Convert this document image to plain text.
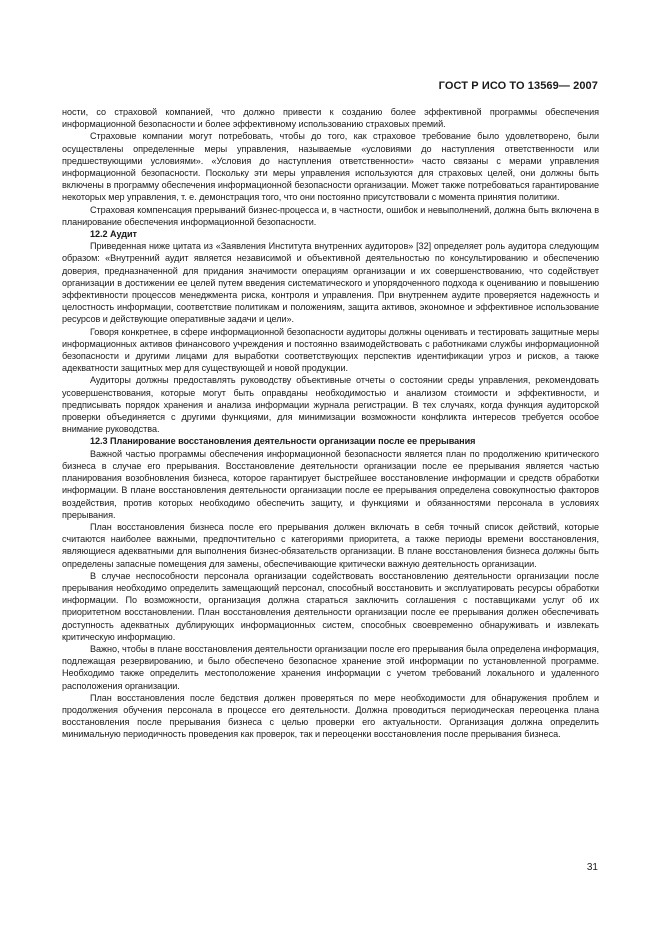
ГОСТ Р ИСО ТО 13569— 2007

ности, со страховой компанией, что должно привести к созданию более эффективной программы обеспечения информационной безопасности и более эффективному использованию страховых премий.

Страховые компании могут потребовать, чтобы до того, как страховое требование было удовлетворено, были осуществлены определенные меры управления, называемые «условиями до наступления ответственности или предшествующими условиями». «Условия до наступления ответственности» часто связаны с мерами управления информационной безопасности. Поскольку эти меры управления используются для страховых целей, они должны быть включены в программу обеспечения информационной безопасности организации. Может также потребоваться гарантирование некоторых мер управления, т. е. демонстрация того, что они постоянно присутствовали с момента принятия политики.

Страховая компенсация прерываний бизнес-процесса и, в частности, ошибок и невыполнений, должна быть включена в планирование обеспечения информационной безопасности.

12.2 Аудит

Приведенная ниже цитата из «Заявления Института внутренних аудиторов» [32] определяет роль аудитора следующим образом: «Внутренний аудит является независимой и объективной деятельностью по консультированию и обеспечению доверия, предназначенной для придания значимости операциям организации и их совершенствованию, что содействует организации в достижении ее целей путем введения систематического и упорядоченного подхода к оцениванию и повышению эффективности процессов менеджмента риска, контроля и управления. При внутреннем аудите проверяется надежность и целостность информации, соответствие политикам и положениям, защита активов, экономное и эффективное использование ресурсов и действующие оперативные задачи и цели».

Говоря конкретнее, в сфере информационной безопасности аудиторы должны оценивать и тестировать защитные меры информационных активов финансового учреждения и постоянно взаимодействовать с работниками службы информационной безопасности и другими лицами для выработки соответствующих перспектив идентификации угроз и рисков, а также адекватности защитных мер для существующей и новой продукции.

Аудиторы должны предоставлять руководству объективные отчеты о состоянии среды управления, рекомендовать усовершенствования, которые могут быть оправданы необходимостью и анализом стоимости и эффективности, и предписывать порядок хранения и анализа информации журнала регистрации. В тех случаях, когда функция аудиторской проверки объединяется с другими функциями, для минимизации возможности конфликта интересов требуется особое внимание руководства.

12.3 Планирование восстановления деятельности организации после ее прерывания

Важной частью программы обеспечения информационной безопасности является план по продолжению критического бизнеса в случае его прерывания. Восстановление деятельности организации после ее прерывания является частью планирования возобновления бизнеса, которое гарантирует быстрейшее восстановление информации и средств обработки информации. В плане восстановления деятельности организации после ее прерывания определена совокупностью факторов воздействия, против которых необходимо обеспечить защиту, и функциями и обязанностями персонала в условиях прерывания.

План восстановления бизнеса после его прерывания должен включать в себя точный список действий, которые считаются наиболее важными, предпочтительно с категориями приоритета, а также периоды времени восстановления, являющиеся адекватными для выполнения бизнес-обязательств организации. В плане восстановления бизнеса должны быть определены запасные помещения для замены, обеспечивающие критически важную деятельность организации.

В случае неспособности персонала организации содействовать восстановлению деятельности организации после прерывания необходимо определить замещающий персонал, способный восстановить и эксплуатировать ресурсы обработки информации. По возможности, организация должна стараться заключить соглашения с поставщиками услуг об их приоритетном восстановлении. План восстановления деятельности организации после ее прерывания должен обеспечивать доступность адекватных дублирующих информационных систем, способных своевременно обнаруживать и извлекать критическую информацию.

Важно, чтобы в плане восстановления деятельности организации после его прерывания была определена информация, подлежащая резервированию, и было обеспечено безопасное хранение этой информации по установленной программе. Необходимо также определить местоположение хранения информации с учетом требований локального и удаленного расположения организации.

План восстановления после бедствия должен проверяться по мере необходимости для обнаружения проблем и продолжения обучения персонала в процессе его деятельности. Должна проводиться периодическая переоценка плана восстановления после прерывания бизнеса с целью проверки его актуальности. Организация должна определить минимальную периодичность проведения как проверок, так и переоценки восстановления после прерывания бизнеса.

31
